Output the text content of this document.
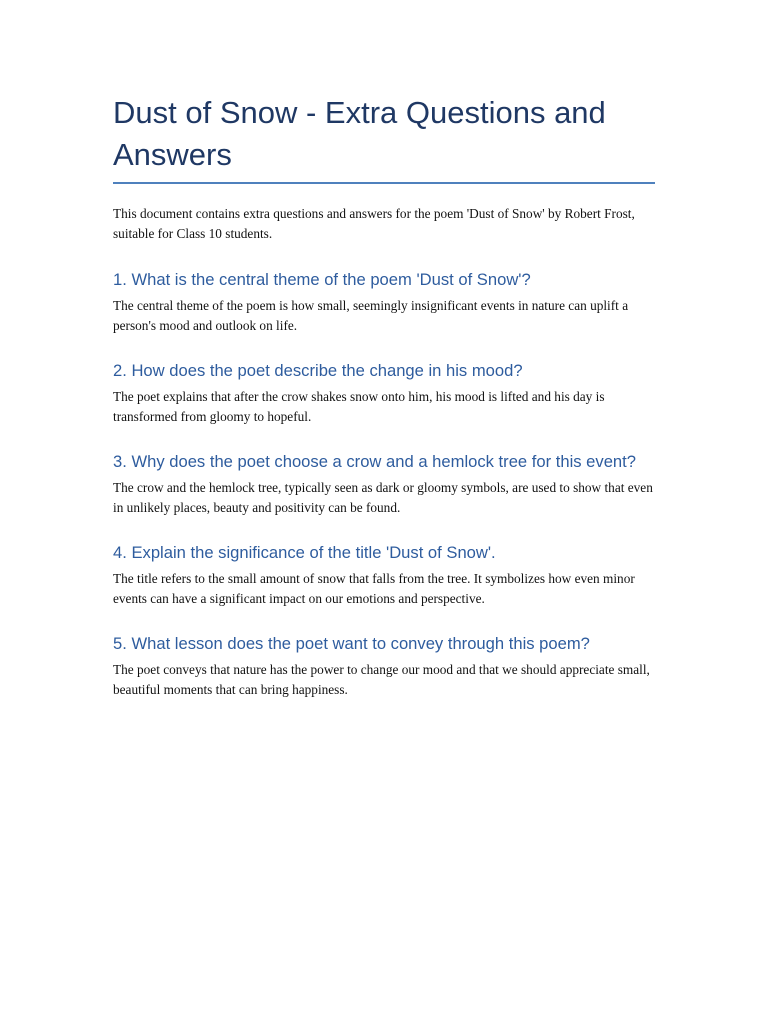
Dust of Snow - Extra Questions and Answers

This document contains extra questions and answers for the poem 'Dust of Snow' by Robert Frost, suitable for Class 10 students.

1. What is the central theme of the poem 'Dust of Snow'?

The central theme of the poem is how small, seemingly insignificant events in nature can uplift a person's mood and outlook on life.

2. How does the poet describe the change in his mood?

The poet explains that after the crow shakes snow onto him, his mood is lifted and his day is transformed from gloomy to hopeful.

3. Why does the poet choose a crow and a hemlock tree for this event?

The crow and the hemlock tree, typically seen as dark or gloomy symbols, are used to show that even in unlikely places, beauty and positivity can be found.

4. Explain the significance of the title 'Dust of Snow'.

The title refers to the small amount of snow that falls from the tree. It symbolizes how even minor events can have a significant impact on our emotions and perspective.

5. What lesson does the poet want to convey through this poem?

The poet conveys that nature has the power to change our mood and that we should appreciate small, beautiful moments that can bring happiness.
